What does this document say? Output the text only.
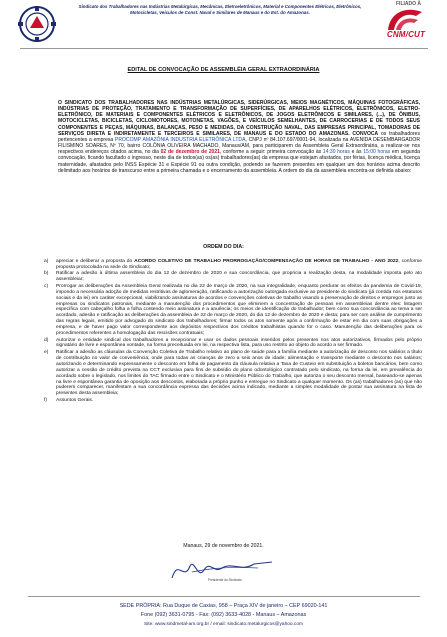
Sindicato dos Trabalhadores nas Indústrias Metalúrgicas, Mecânicas, Eletroeletrônicos, Material e Componentes Elétricos, Eletrônicos, Motocicletas, Veículos de Const. Naval e Similares de Manaus e do Est. do Amazonas.
FILIADO À
CNM/CUT
EDITAL DE CONVOCAÇÃO DE ASSEMBLÉIA GERAL EXTRAORDINÁRIA
O SINDICATO DOS TRABALHADORES NAS INDÚSTRIAS METALÚRGICAS, SIDERÚRGICAS, MEIOS MAGNÉTICOS, MÁQUINAS FOTOGRÁFICAS, INDÚSTRIAS DE PROTEÇÃO, TRATAMENTO E TRANSFORMAÇÃO DE SUPERFÍCIES, DE APARELHOS ELÉTRICOS, ELETRÔNICOS, ELETRO-ELETRÔNICO, DE MATERIAIS E COMPONENTES ELÉTRICOS E ELETRÔNICOS, DE JOGOS ELETRÔNICOS E SIMILARES, (...), DE ÔNIBUS, MOTOCICLETAS, BICICLETAS, CICLOMOTORES, MOTONETAS, VAGÕES, E VEÍCULOS SEMELHANTES, DE CARROCERIAS E DE TODOS SEUS COMPONENTES E PEÇAS, MÁQUINAS, BALANÇAS, PESO E MEDIDAS, DA CONSTRUÇÃO NAVAL, DAS EMPRESAS PRINCIPAL, TOMADORAS DE SERVIÇOS DIRETA E INDIRETAMENTE E TERCEIROS E SIMILARES, DE MANAUS E DO ESTADO DO AMAZONAS. CONVOCA os trabalhadores pertencentes a empresa PROCOMP AMAZÔNIA INDUSTRIA ELETRÔNICA LTDA, CNPJ nº 84.107.697/0001-94, localizada na AVENIDA DESEMBARGADOR FILISMINO SOARES, Nº 70, bairro COLÔNIA OLIVEIRA MACHADO, Manaus/AM, para participarem da Assembleia Geral Extraordinária, a realizar-se nos respectivos endereços citados acima, no dia 02 de dezembro de 2021, conforme a seguir: primeira convocação às 14:30 horas e às 15:00 horas em segunda convocação, ficando facultado o ingresso, neste dia de todos(as) os(as) trabalhadores(as) da empresa que estejam afastados, por férias, licença médica, licença maternidade, afastados pelo INSS Espécie 31 e Espécie 91 ou outra condição, podendo se fazerem presentes em qualquer um dos horários acima descrito delimitado aos horários de transcurso entre a primeira chamada e o encerramento da assembleia. A ordem do dia da assembleia encontra-se definida abaixo:
ORDEM DO DIA:
a)	apreciar e deliberar a proposta do ACORDO COLETIVO DE TRABALHO PRORROGAÇÃO/COMPENSAÇÃO DE HORAS DE TRABALHO - ANO 2022, conforme proposta protocolada na sede do Sindicato;
b)	Ratificar a adesão à última assembleia do dia 12 de dezembro de 2020 e sua concordância, que propricia a realização desta, na modalidade imposta pelo ato assembleiar;
c)	Prorrogar as deliberações da Assembleia Geral realizada no dia 22 de março de 2020, na sua integralidade, enquanto perdurar os efeitos da pandemia de Covid-19, impondo a necessária adoção de medidas restritivas de aglomeração, ratificando a autorização outorgada exclusive ao presidente do sindicato (já contida nos estatutos sociais e da lei) em caráter excepcional, viabilizando assinaturas de acordos e convenções coletivas de trabalho visando a preservação de direitos e empregos junto as empresas ou sindicatos patronais, mediante a manutenção dos procedimentos que eliminem a concentração de pessoas em assembleias dentre eles: listagem específica com cabeçalho folha a folha contendo meio assinatura e a anuência; os meios de identificação do trabalhador; bem como sua concordância ao tema a ser acordado, adesão e ratificação as deliberações da assembleia de 22 de março de 2020, do dia 12 de dezembro de 2020 e desta; para ser com análise de cumprimento das regras legais, emitido por advogado do sindicato dos trabalhadores; firmar todos os atos somente após a confirmação de estar em dia com suas obrigações a empresa, e de haver pago valor correspondente aos depósitos respectivos dos créditos trabalhistas quando for o caso. Manutenção das deliberações para os procedimentos referentes a homologação das rescisões contratuais;
d)	Autorizar e entidade sindical dos trabalhadores a recepcionar e usar os dados pessoais inseridos pelos presentes nos atos autorizativos, firmados pelo próprio signatário de livre e espontânea vontade, na forma preceituada em lei, na respectiva lista, para uso restrito ao objeto do acordo a ser firmado.
e)	Ratificar a adesão as cláusulas da Convenção Coletiva de Trabalho relativo ao plano de saúde para a família mediante a autorização de desconto nos salários a título de contribuição no valor de conveniência; onde para todas as crianças de zero a seis anos de idade; alimentação e transporte mediante o desconto nos salários; autorizando e determinando expressamente o desconto em folha de pagamento da cláusula relativa a Taxa de Custeio em substituição a boletos bancários, bem como autorizar a cessão de crédito prevista na CCT exclusiva para fins de subsídio do plano odontológico contratado pelo sindicato, na forma da lei, em prevalência do acordado sobre o legislado, nos limites do TAC firmado entre o Sindicato e o Ministério Público do Trabalho, que autoriza o seu desconto mensal, baseando-se apenas na livre e espontânea garantia de oposição aos descontos, elaborada a próprio punho e entregue no Sindicato a qualquer momento. Os (as) trabalhadores (as) que não puderem comparecer, manifestam a sua concordância expressa das decisões acima indicado, mediante a simples modalidade de postar sua assinatura na lista de presentes desta assembleia;
f)	Assuntos Gerais.
Manaus, 29 de novembro de 2021.
Presidente do Sindicato
SEDE PRÓPRIA: Rua Duque de Caxias, 958 – Praça XIV de janeiro – CEP 69020-141
Fone (092) 3631-0795 - Fax: (092) 3633-4028 - Manaus – Amazonas
Site: www.sindmetal-am.org.br / email: sindicato.metalurgicos@yahoo.com
